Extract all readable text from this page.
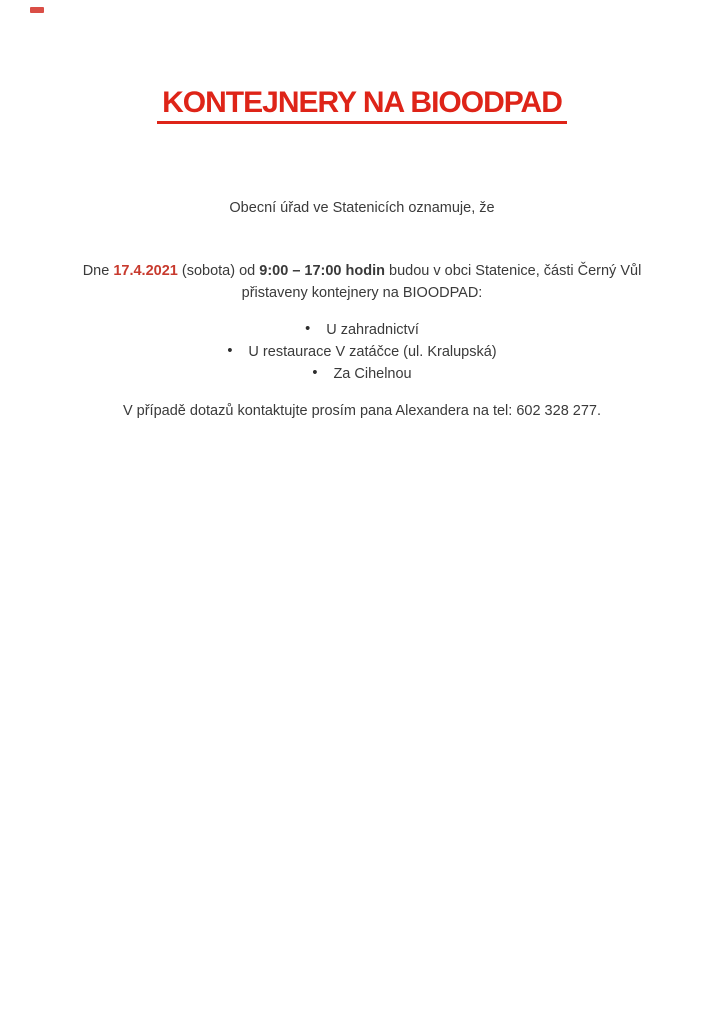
KONTEJNERY NA BIOODPAD
Obecní úřad ve Statenicích oznamuje, že

Dne 17.4.2021 (sobota) od 9:00 – 17:00 hodin budou v obci Statenice, části Černý Vůl
přistaveny kontejnery na BIOODPAD:

• U zahradnictví
• U restaurace V zatáčce (ul. Kralupská)
• Za Cihelnou
V případě dotazů kontaktujte prosím pana Alexandera na tel: 602 328 277.
